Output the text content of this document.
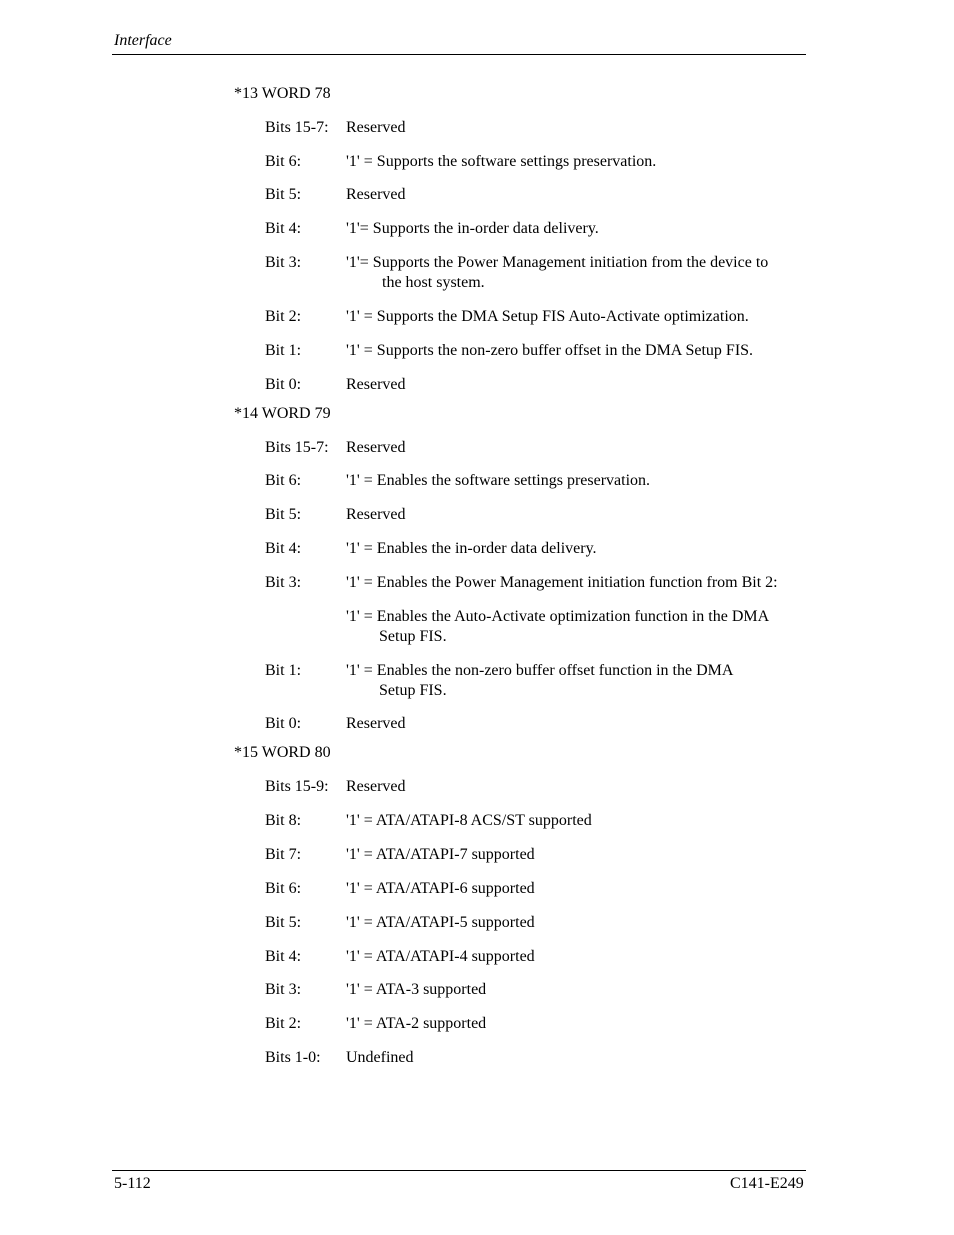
Interface
*13 WORD 78
Bits 15-7: Reserved
Bit 6:	'1' = Supports the software settings preservation.
Bit 5:	Reserved
Bit 4:	'1'= Supports the in-order data delivery.
Bit 3:	'1'= Supports the Power Management initiation from the device to
the host system.
Bit 2:	'1' = Supports the DMA Setup FIS Auto-Activate optimization.
Bit 1:	'1' = Supports the non-zero buffer offset in the DMA Setup FIS.
Bit 0:	Reserved
*14 WORD 79
Bits 15-7: Reserved
Bit 6:	'1' = Enables the software settings preservation.
Bit 5:	Reserved
Bit 4:	'1' = Enables the in-order data delivery.
Bit 3:	'1' = Enables the Power Management initiation function from Bit 2:
'1' = Enables the Auto-Activate optimization function in the DMA
Setup FIS.
Bit 1:	'1' = Enables the non-zero buffer offset function in the DMA
Setup FIS.
Bit 0:	Reserved
*15 WORD 80
Bits 15-9: Reserved
Bit 8:	'1' = ATA/ATAPI-8 ACS/ST supported
Bit 7:	'1' = ATA/ATAPI-7 supported
Bit 6:	'1' = ATA/ATAPI-6 supported
Bit 5:	'1' = ATA/ATAPI-5 supported
Bit 4:	'1' = ATA/ATAPI-4 supported
Bit 3:	'1' = ATA-3 supported
Bit 2:	'1' = ATA-2 supported
Bits 1-0: Undefined
5-112	C141-E249
